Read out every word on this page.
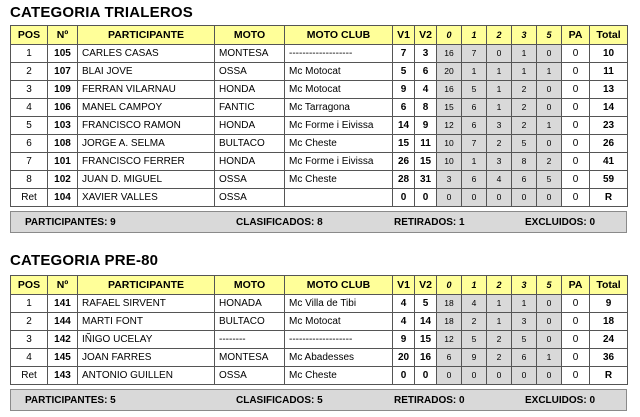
CATEGORIA TRIALEROS
POS	Nº	PARTICIPANTE	MOTO	MOTO CLUB	V1	V2	0	1	2	3	5	PA	Total
1	105	CARLES CASAS	MONTESA	-------------------	7	3	16	7	0	1	0	0	10
2	107	BLAI JOVE	OSSA	Mc Motocat	5	6	20	1	1	1	1	0	11
3	109	FERRAN VILARNAU	HONDA	Mc Motocat	9	4	16	5	1	2	0	0	13
4	106	MANEL CAMPOY	FANTIC	Mc Tarragona	6	8	15	6	1	2	0	0	14
5	103	FRANCISCO RAMON	HONDA	Mc Forme i Eivissa	14	9	12	6	3	2	1	0	23
6	108	JORGE A. SELMA	BULTACO	Mc Cheste	15	11	10	7	2	5	0	0	26
7	101	FRANCISCO FERRER	HONDA	Mc Forme i Eivissa	26	15	10	1	3	8	2	0	41
8	102	JUAN D. MIGUEL	OSSA	Mc Cheste	28	31	3	6	4	6	5	0	59
Ret	104	XAVIER VALLES	OSSA		0	0	0	0	0	0	0	0	R
PARTICIPANTES: 9	CLASIFICADOS: 8	RETIRADOS: 1	EXCLUIDOS: 0
CATEGORIA PRE-80
POS	Nº	PARTICIPANTE	MOTO	MOTO CLUB	V1	V2	0	1	2	3	5	PA	Total
1	141	RAFAEL SIRVENT	HONADA	Mc Villa de Tibi	4	5	18	4	1	1	0	0	9
2	144	MARTI FONT	BULTACO	Mc Motocat	4	14	18	2	1	3	0	0	18
3	142	IÑIGO UCELAY	--------	-------------------	9	15	12	5	2	5	0	0	24
4	145	JOAN FARRES	MONTESA	Mc Abadesses	20	16	6	9	2	6	1	0	36
Ret	143	ANTONIO GUILLEN	OSSA	Mc Cheste	0	0	0	0	0	0	0	0	R
PARTICIPANTES: 5	CLASIFICADOS: 5	RETIRADOS: 0	EXCLUIDOS: 0
